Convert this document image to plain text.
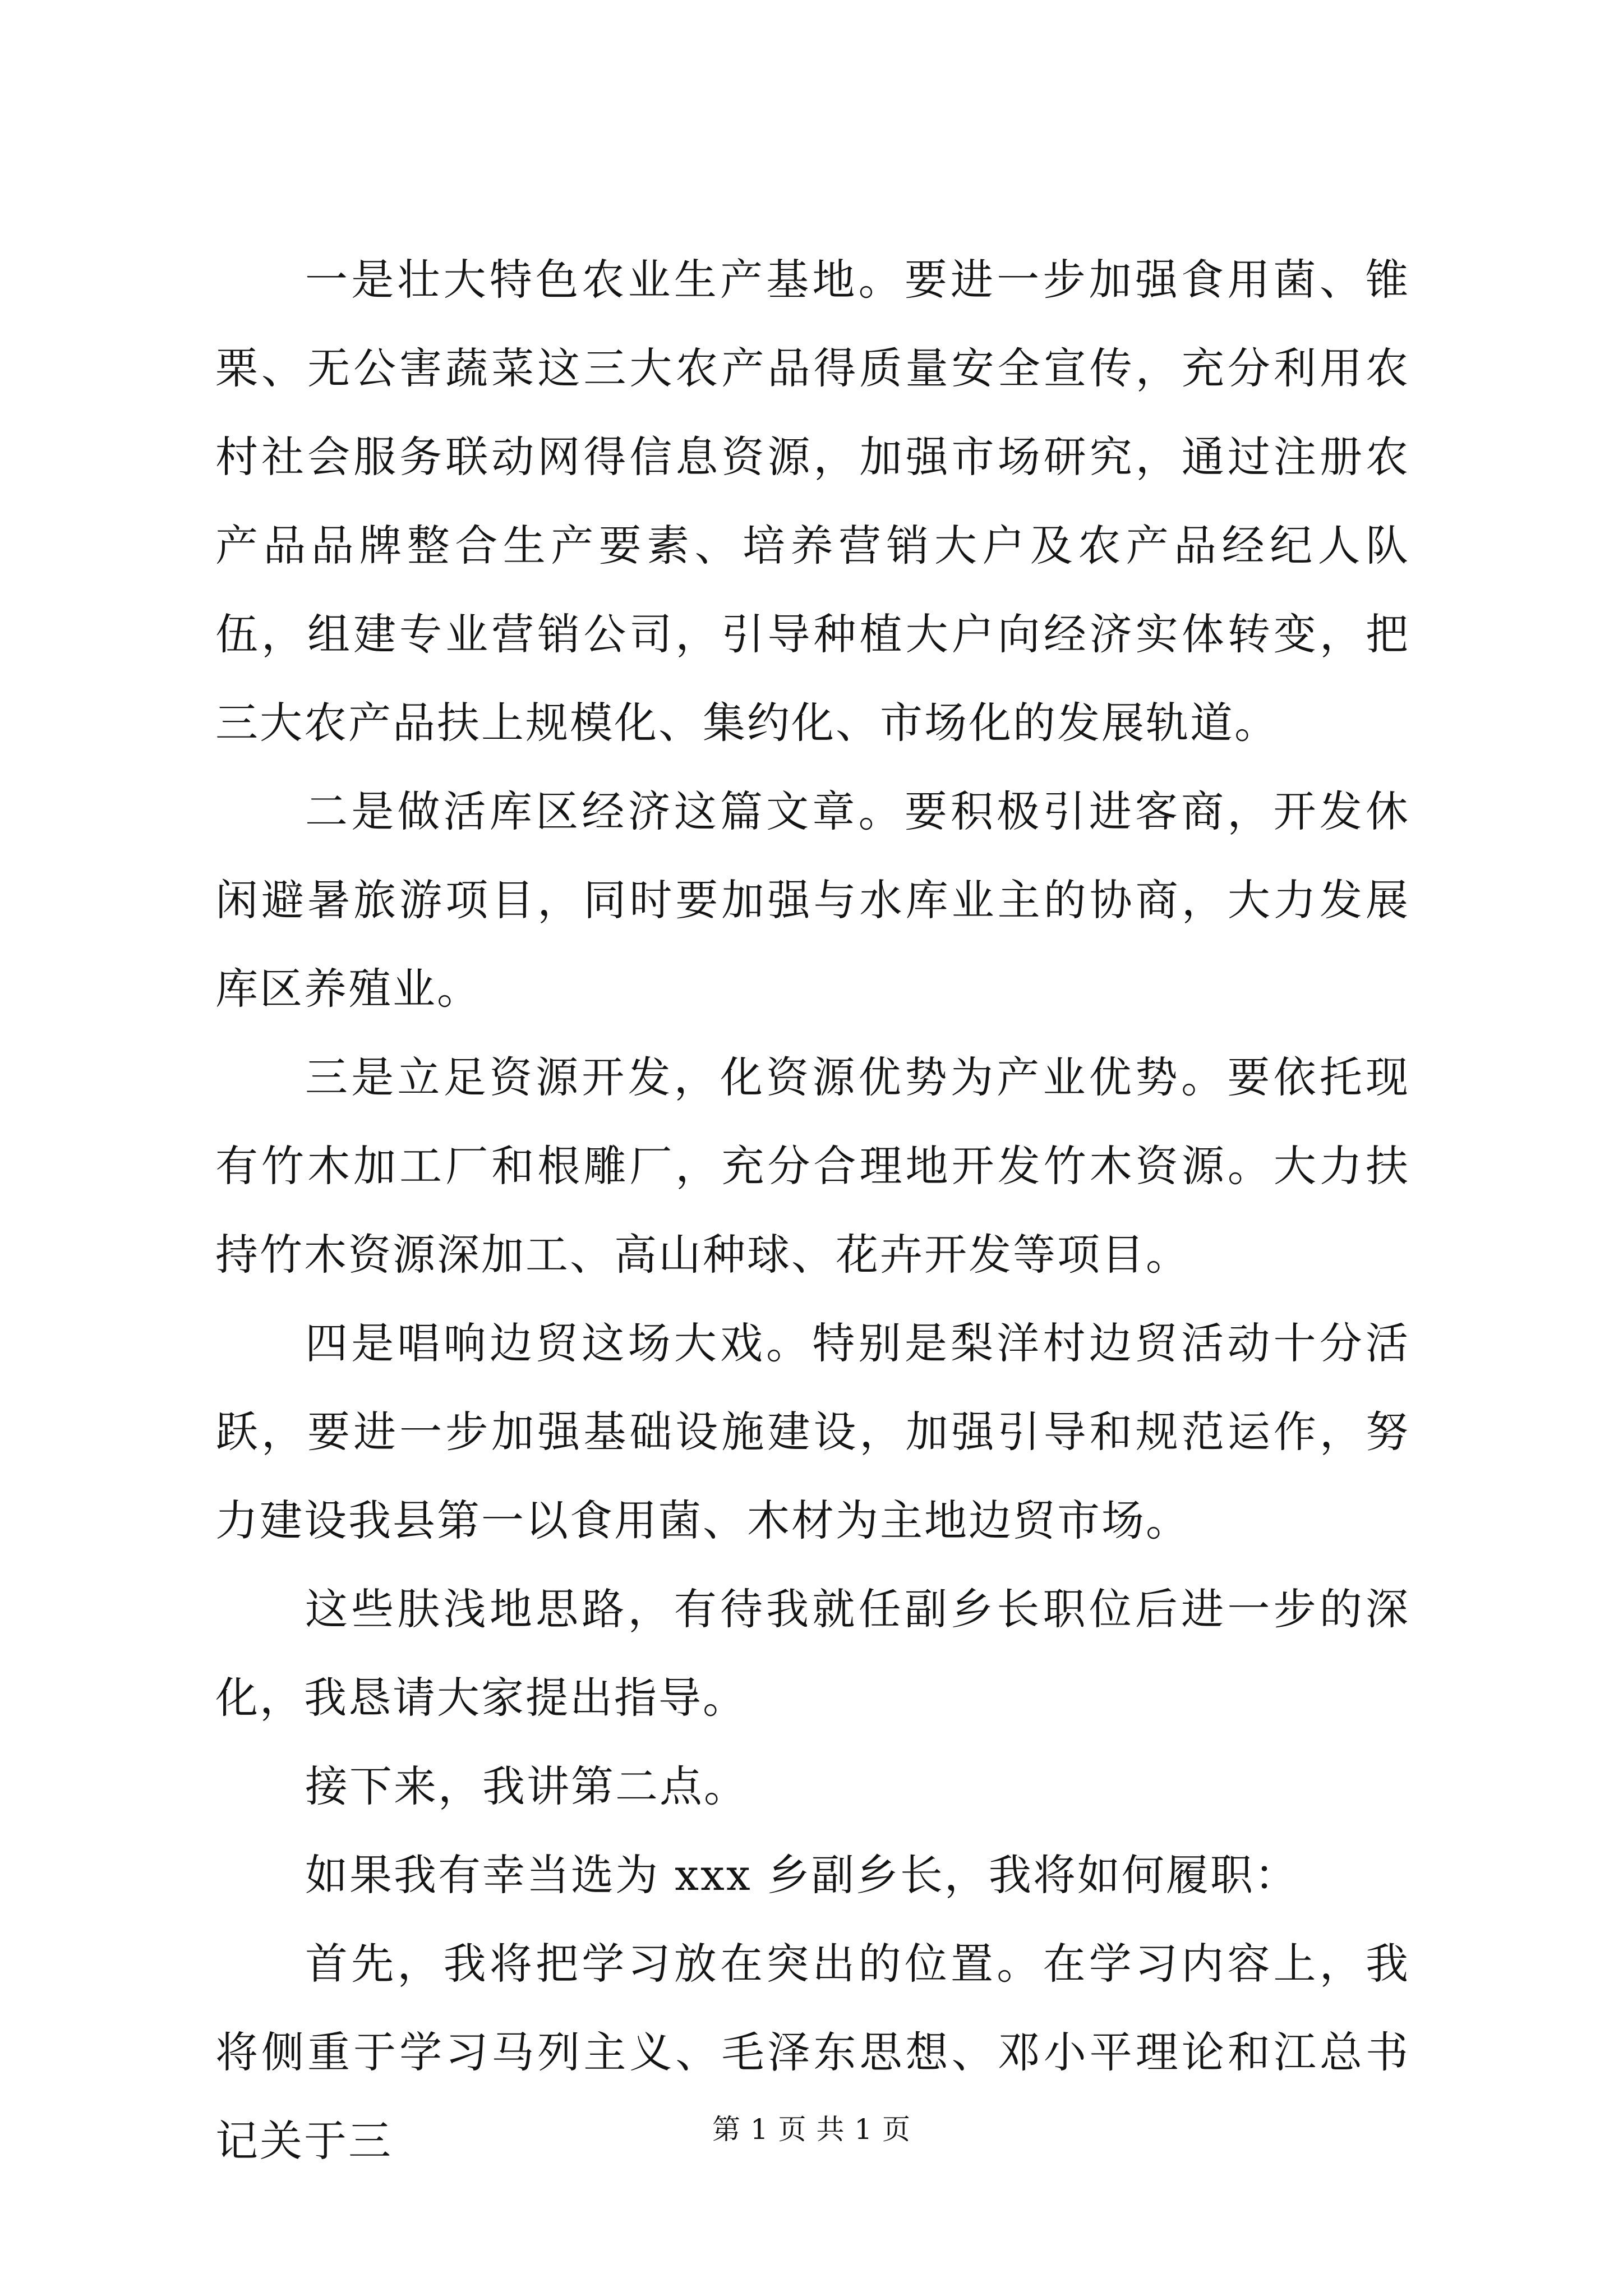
一是壮大特色农业生产基地。要进一步加强食用菌、锥栗、无公害蔬菜这三大农产品得质量安全宣传，充分利用农村社会服务联动网得信息资源，加强市场研究，通过注册农产品品牌整合生产要素、培养营销大户及农产品经纪人队伍，组建专业营销公司，引导种植大户向经济实体转变，把三大农产品扶上规模化、集约化、市场化的发展轨道。

二是做活库区经济这篇文章。要积极引进客商，开发休闲避暑旅游项目，同时要加强与水库业主的协商，大力发展库区养殖业。

三是立足资源开发，化资源优势为产业优势。要依托现有竹木加工厂和根雕厂，充分合理地开发竹木资源。大力扶持竹木资源深加工、高山种球、花卉开发等项目。

四是唱响边贸这场大戏。特别是梨洋村边贸活动十分活跃，要进一步加强基础设施建设，加强引导和规范运作，努力建设我县第一以食用菌、木材为主地边贸市场。

这些肤浅地思路，有待我就任副乡长职位后进一步的深化，我恳请大家提出指导。

接下来，我讲第二点。

如果我有幸当选为 xxx 乡副乡长，我将如何履职：

首先，我将把学习放在突出的位置。在学习内容上，我将侧重于学习马列主义、毛泽东思想、邓小平理论和江总书记关于三	第 1 页 共 1 页
